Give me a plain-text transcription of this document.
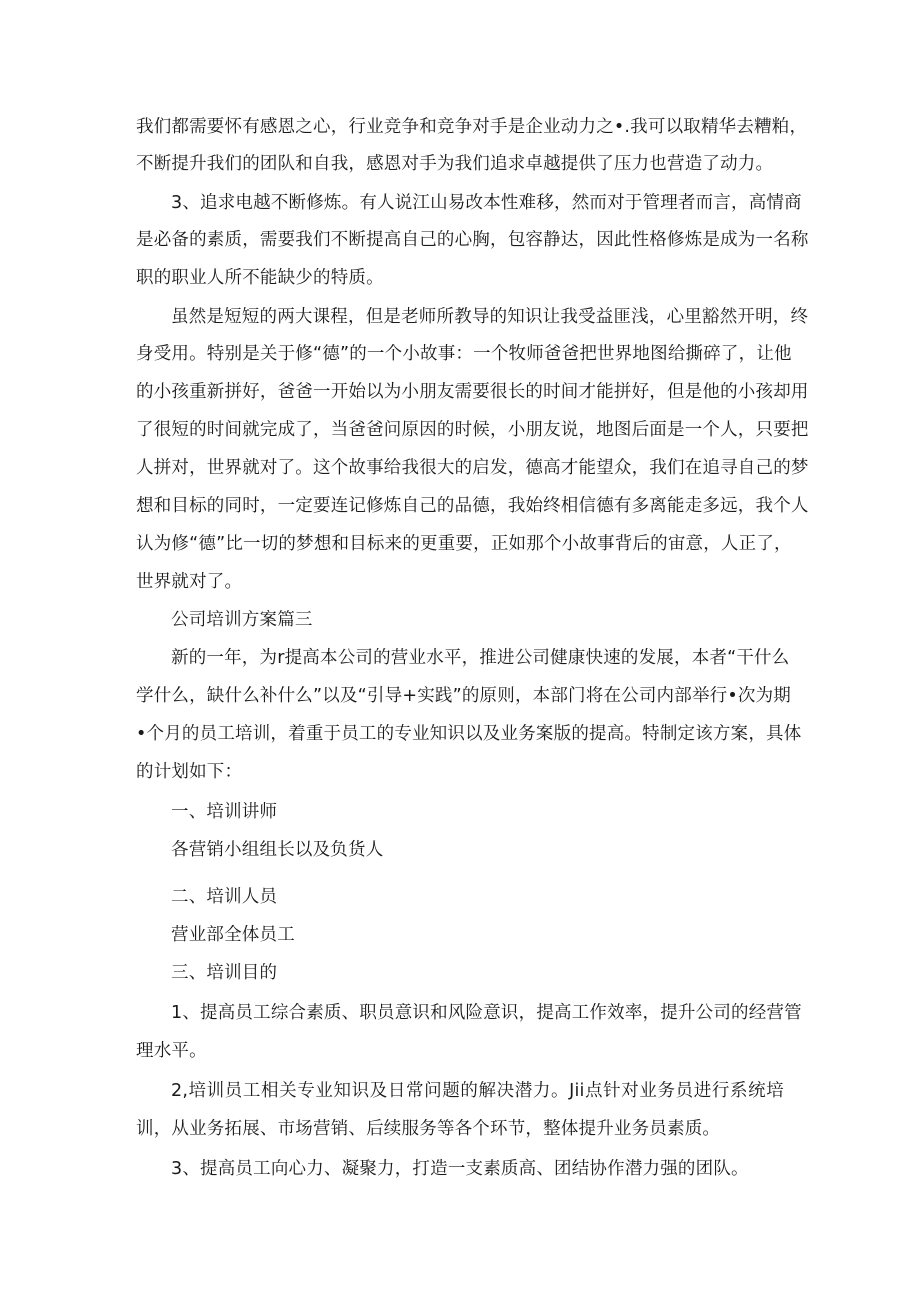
我们都需要怀有感恩之心，行业竞争和竞争对手是企业动力之•.我可以取精华去糟粕，
不断提升我们的团队和自我，感恩对手为我们追求卓越提供了压力也营造了动力。
3、追求电越不断修炼。有人说江山易改本性难移，然而对于管理者而言，高情商
是必备的素质，需要我们不断提高自己的心胸，包容静达，因此性格修炼是成为一名称
职的职业人所不能缺少的特质。
虽然是短短的两大课程，但是老师所教导的知识让我受益匪浅，心里豁然开明，终
身受用。特别是关于修“德”的一个小故事：一个牧师爸爸把世界地图给撕碎了，让他
的小孩重新拼好，爸爸一开始以为小朋友需要很长的时间才能拼好，但是他的小孩却用
了很短的时间就完成了，当爸爸问原因的时候，小朋友说，地图后面是一个人，只要把
人拼对，世界就对了。这个故事给我很大的启发，德高才能望众，我们在追寻自己的梦
想和目标的同时，一定要连记修炼自己的品德，我始终相信德有多离能走多远，我个人
认为修“德”比一切的梦想和目标来的更重要，正如那个小故事背后的宙意，人正了，
世界就对了。
公司培训方案篇三
新的一年，为r提高本公司的营业水平，推进公司健康快速的发展，本者“干什么
学什么，缺什么补什么”以及“引导+实践”的原则，本部门将在公司内部举行•次为期
•个月的员工培训，着重于员工的专业知识以及业务案版的提高。特制定该方案，具体
的计划如下：
一、培训讲师
各营销小组组长以及负货人
二、培训人员
营业部全体员工
三、培训目的
1、提高员工综合素质、职员意识和风险意识，提高工作效率，提升公司的经营管
理水平。
2,培训员工相关专业知识及日常问题的解决潜力。Jii点针对业务员进行系统培
训，从业务拓展、市场营销、后续服务等各个环节，整体提升业务员素质。
3、提高员工向心力、凝聚力，打造一支素质高、团结协作潜力强的团队。
